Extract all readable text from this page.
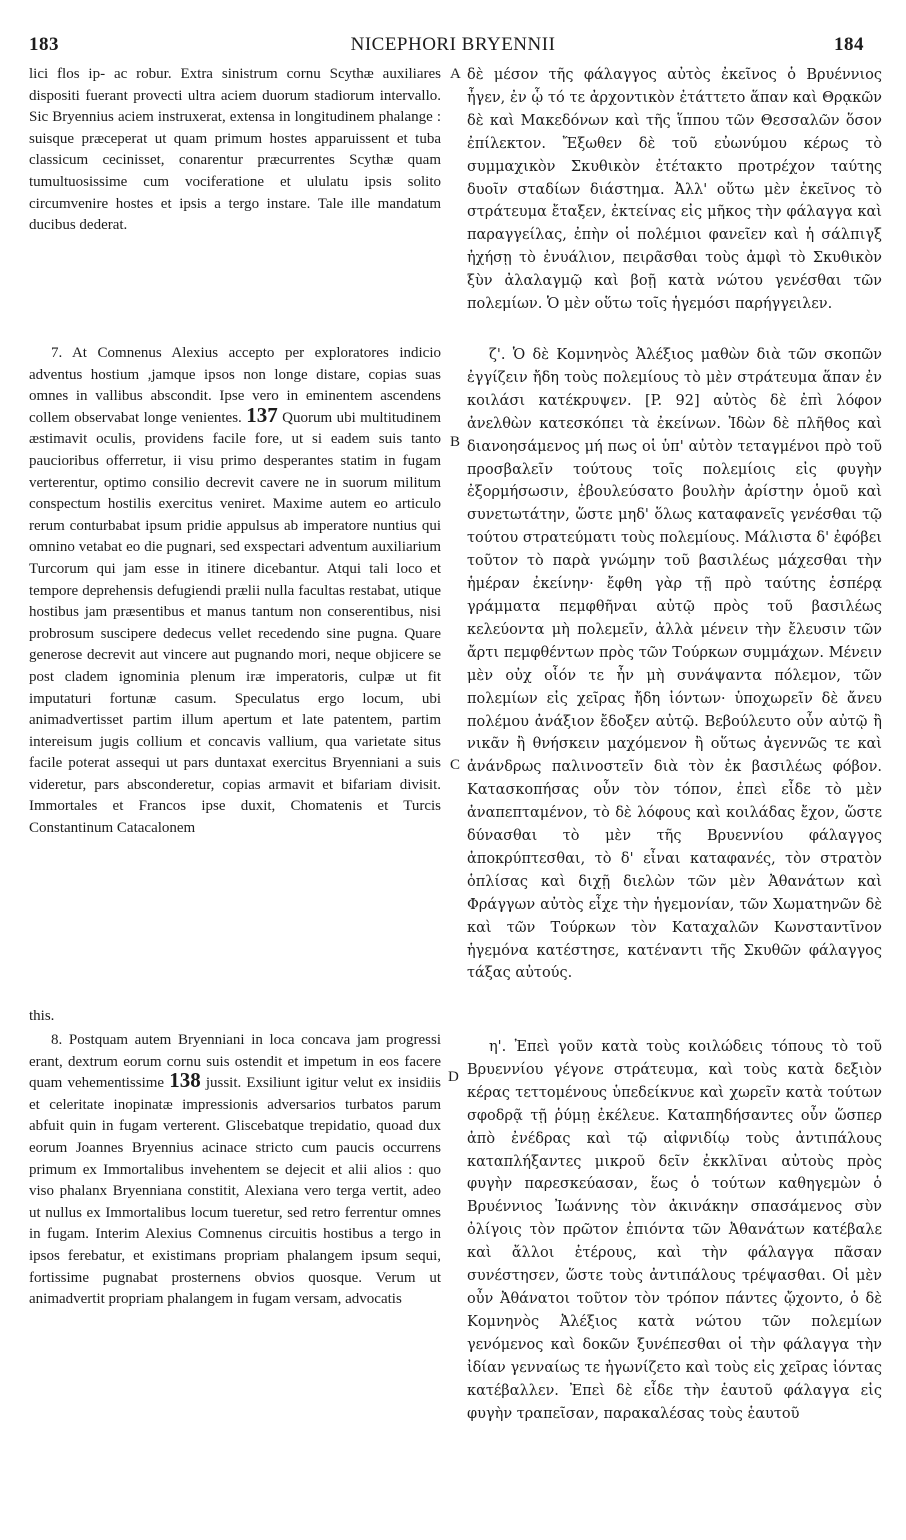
183	NICEPHORI BRYENNII	184

lici flos ip- ac robur. Extra sinistrum cornu Scythæ auxiliares dispositi fuerant provecti ultra aciem duorum stadiorum intervallo. Sic Bryennius aciem instruxerat, extensa in longitudinem phalange : suisque præceperat ut quam primum hostes apparuissent et tuba classicum cecinisset, conarentur præcurrentes Scythæ quam tumultuosissime cum vociferatione et ululatu ipsis solito circumvenire hostes et ipsis a tergo instare. Tale ille mandatum ducibus dederat.

7. At Comnenus Alexius accepto per exploratores indicio adventus hostium ,jamque ipsos non longe distare, copias suas omnes in vallibus abscondit. Ipse vero in eminentem ascendens collem observabat longe venientes. 137 Quorum ubi multitudinem æstimavit oculis, providens facile fore, ut si eadem suis tanto paucioribus offerretur, ii visu primo desperantes statim in fugam verterentur, optimo consilio decrevit cavere ne in suorum militum conspectum hostilis exercitus veniret. Maxime autem eo articulo rerum conturbabat ipsum pridie appulsus ab imperatore nuntius qui omnino vetabat eo die pugnari, sed exspectari adventum auxiliarium Turcorum qui jam esse in itinere dicebantur. Atqui tali loco et tempore deprehensis defugiendi prælii nulla facultas restabat, utique hostibus jam præsentibus et manus tantum non conserentibus, nisi probrosum suscipere dedecus vellet recedendo sine pugna. Quare generose decrevit aut vincere aut pugnando mori, neque objicere se post cladem ignominia plenum iræ imperatoris, culpæ ut fit imputaturi fortunæ casum. Speculatus ergo locum, ubi animadvertisset partim illum apertum et late patentem, partim intereisum jugis collium et concavis vallium, qua varietate situs facile poterat assequi ut pars duntaxat exercitus Bryenniani a suis videretur, pars absconderetur, copias armavit et bifariam divisit. Immortales et Francos ipse duxit, Chomatenis et Turcis Constantinum Catacalonem

this.

8. Postquam autem Bryenniani in loca concava jam progressi erant, dextrum eorum cornu suis ostendit et impetum in eos facere quam vehementissime 138 jussit. Exsiliunt igitur velut ex insidiis et celeritate inopinatæ impressionis adversarios turbatos parum abfuit quin in fugam verterent. Gliscebatque trepidatio, quoad dux eorum Joannes Bryennius acinace stricto cum paucis occurrens primum ex Immortalibus invehentem se dejecit et alii alios : quo viso phalanx Bryenniana constitit, Alexiana vero terga vertit, adeo ut nullus ex Immortalibus locum tueretur, sed retro ferrentur omnes in fugam. Interim Alexius Comnenus circuitis hostibus a tergo in ipsos ferebatur, et existimans propriam phalangem ipsum sequi, fortissime pugnabat prosternens obvios quosque. Verum ut animadvertit propriam phalangem in fugam versam, advocatis

A
B
C
D

δὲ μέσον τῆς φάλαγγος αὐτὸς ἐκεῖνος ὁ Βρυέννιος ἦγεν, ἐν ᾧ τό τε ἀρχοντικὸν ἐτάττετο ἅπαν καὶ Θρᾳκῶν δὲ καὶ Μακεδόνων καὶ τῆς ἵππου τῶν Θεσσαλῶν ὅσον ἐπίλεκτον. Ἔξωθεν δὲ τοῦ εὐωνύμου κέρως τὸ συμμαχικὸν Σκυθικὸν ἐτέτακτο προτρέχον ταύτης δυοῖν σταδίων διάστημα. Ἀλλ' οὕτω μὲν ἐκεῖνος τὸ στράτευμα ἔταξεν, ἐκτείνας εἰς μῆκος τὴν φάλαγγα καὶ παραγγείλας, ἐπὴν οἱ πολέμιοι φανεῖεν καὶ ἡ σάλπιγξ ἠχήσῃ τὸ ἐνυάλιον, πειρᾶσθαι τοὺς ἀμφὶ τὸ Σκυθικὸν ξὺν ἀλαλαγμῷ καὶ βοῇ κατὰ νώτου γενέσθαι τῶν πολεμίων. Ὁ μὲν οὕτω τοῖς ἡγεμόσι παρήγγειλεν.

ζ'. Ὁ δὲ Κομνηνὸς Ἀλέξιος μαθὼν διὰ τῶν σκοπῶν ἐγγίζειν ἤδη τοὺς πολεμίους τὸ μὲν στράτευμα ἅπαν ἐν κοιλάσι κατέκρυψεν. [P. 92] αὐτὸς δὲ ἐπὶ λόφον ἀνελθὼν κατεσκόπει τὰ ἐκείνων. Ἰδὼν δὲ πλῆθος καὶ διανοησάμενος μή πως οἱ ὑπ' αὐτὸν τεταγμένοι πρὸ τοῦ προσβαλεῖν τούτους τοῖς πολεμίοις εἰς φυγὴν ἐξορμήσωσιν, ἐβουλεύσατο βουλὴν ἀρίστην ὁμοῦ καὶ συνετωτάτην, ὥστε μηδ' ὅλως καταφανεῖς γενέσθαι τῷ τούτου στρατεύματι τοὺς πολεμίους. Μάλιστα δ' ἐφόβει τοῦτον τὸ παρὰ γνώμην τοῦ βασιλέως μάχεσθαι τὴν ἡμέραν ἐκείνην· ἔφθη γὰρ τῇ πρὸ ταύτης ἑσπέρᾳ γράμματα πεμφθῆναι αὐτῷ πρὸς τοῦ βασιλέως κελεύοντα μὴ πολεμεῖν, ἀλλὰ μένειν τὴν ἔλευσιν τῶν ἄρτι πεμφθέντων πρὸς τῶν Τούρκων συμμάχων. Μένειν μὲν οὐχ οἷόν τε ἦν μὴ συνάψαντα πόλεμον, τῶν πολεμίων εἰς χεῖρας ἤδη ἰόντων· ὑποχωρεῖν δὲ ἄνευ πολέμου ἀνάξιον ἔδοξεν αὐτῷ. Βεβούλευτο οὖν αὐτῷ ἢ νικᾶν ἢ θνήσκειν μαχόμενον ἢ οὕτως ἀγεννῶς τε καὶ ἀνάνδρως παλινοστεῖν διὰ τὸν ἐκ βασιλέως φόβον. Κατασκοπήσας οὖν τὸν τόπον, ἐπεὶ εἶδε τὸ μὲν ἀναπεπταμένον, τὸ δὲ λόφους καὶ κοιλάδας ἔχον, ὥστε δύνασθαι τὸ μὲν τῆς Βρυεννίου φάλαγγος ἀποκρύπτεσθαι, τὸ δ' εἶναι καταφανές, τὸν στρατὸν ὁπλίσας καὶ διχῇ διελὼν τῶν μὲν Ἀθανάτων καὶ Φράγγων αὐτὸς εἶχε τὴν ἡγεμονίαν, τῶν Χωματηνῶν δὲ καὶ τῶν Τούρκων τὸν Καταχαλῶν Κωνσταντῖνον ἡγεμόνα κατέστησε, κατέναντι τῆς Σκυθῶν φάλαγγος τάξας αὐτούς.

η'. Ἐπεὶ γοῦν κατὰ τοὺς κοιλώδεις τόπους τὸ τοῦ Βρυεννίου γέγονε στράτευμα, καὶ τοὺς κατὰ δεξιὸν κέρας τεττομένους ὑπεδείκνυε καὶ χωρεῖν κατὰ τούτων σφοδρᾷ τῇ ῥύμῃ ἐκέλευε. Καταπηδήσαντες οὖν ὥσπερ ἀπὸ ἐνέδρας καὶ τῷ αἰφνιδίῳ τοὺς ἀντιπάλους καταπλήξαντες μικροῦ δεῖν ἐκκλῖναι αὐτοὺς πρὸς φυγὴν παρεσκεύασαν, ἕως ὁ τούτων καθηγεμὼν ὁ Βρυέννιος Ἰωάννης τὸν ἀκινάκην σπασάμενος σὺν ὀλίγοις τὸν πρῶτον ἐπιόντα τῶν Ἀθανάτων κατέβαλε καὶ ἄλλοι ἑτέρους, καὶ τὴν φάλαγγα πᾶσαν συνέστησεν, ὥστε τοὺς ἀντιπάλους τρέψασθαι. Οἱ μὲν οὖν Ἀθάνατοι τοῦτον τὸν τρόπον πάντες ᾤχοντο, ὁ δὲ Κομνηνὸς Ἀλέξιος κατὰ νώτου τῶν πολεμίων γενόμενος καὶ δοκῶν ξυνέπεσθαι οἱ τὴν φάλαγγα τὴν ἰδίαν γενναίως τε ἠγωνίζετο καὶ τοὺς εἰς χεῖρας ἰόντας κατέβαλλεν. Ἐπεὶ δὲ εἶδε τὴν ἑαυτοῦ φάλαγγα εἰς φυγὴν τραπεῖσαν, παρακαλέσας τοὺς ἑαυτοῦ
